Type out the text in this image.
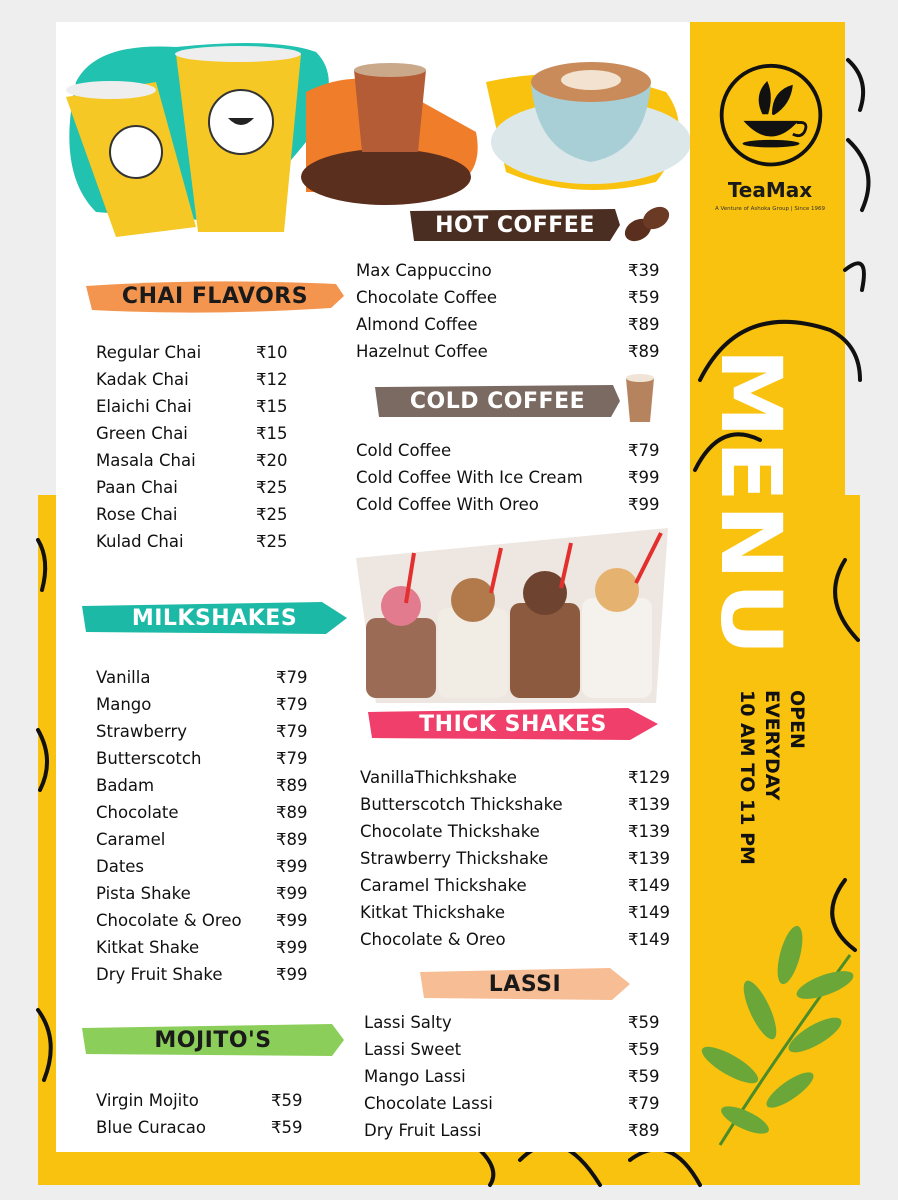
TeaMax
A Venture of Ashoka Group | Since 1969
MENU
OPEN
EVERYDAY
10 AM TO 11 PM
CHAI FLAVORS
HOT COFFEE
COLD COFFEE
MILKSHAKES
THICK SHAKES
LASSI
MOJITO'S
Regular Chai	₹10
Kadak Chai	₹12
Elaichi Chai	₹15
Green Chai	₹15
Masala Chai	₹20
Paan Chai	₹25
Rose Chai	₹25
Kulad Chai	₹25
Vanilla	₹79
Mango	₹79
Strawberry	₹79
Butterscotch	₹79
Badam	₹89
Chocolate	₹89
Caramel	₹89
Dates	₹99
Pista Shake	₹99
Chocolate & Oreo ₹99
Kitkat Shake	₹99
Dry Fruit Shake	₹99
Virgin Mojito	₹59
Blue Curacao	₹59
Max Cappuccino	₹39
Chocolate Coffee	₹59
Almond Coffee	₹89
Hazelnut Coffee	₹89
Cold Coffee	₹79
Cold Coffee With Ice Cream	₹99
Cold Coffee With Oreo	₹99
VanillaThichkshake	₹129
Butterscotch Thickshake	₹139
Chocolate Thickshake	₹139
Strawberry Thickshake	₹139
Caramel Thickshake	₹149
Kitkat Thickshake	₹149
Chocolate & Oreo	₹149
Lassi Salty	₹59
Lassi Sweet	₹59
Mango Lassi	₹59
Chocolate Lassi	₹79
Dry Fruit Lassi	₹89
